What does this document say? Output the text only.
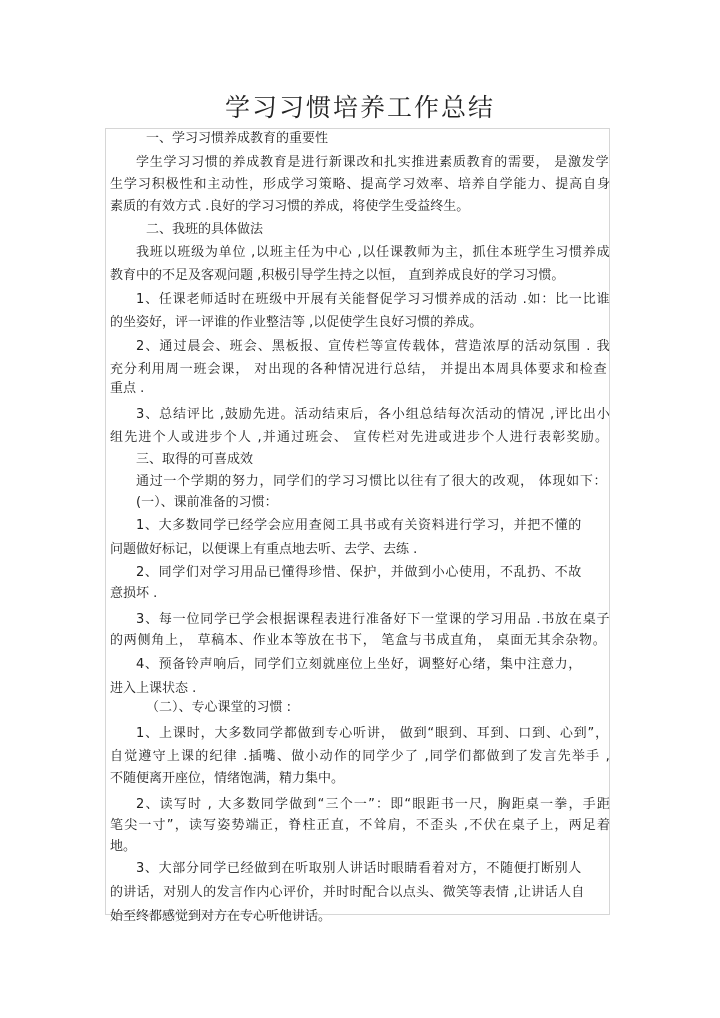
学习习惯培养工作总结
一、学习习惯养成教育的重要性
学生学习习惯的养成教育是进行新课改和扎实推进素质教育的需要， 是激发学
生学习积极性和主动性，形成学习策略、提高学习效率、培养自学能力、提高自身
素质的有效方式 .良好的学习习惯的养成，将使学生受益终生。
二、我班的具体做法
我班以班级为单位 ,以班主任为中心 ,以任课教师为主，抓住本班学生习惯养成
教育中的不足及客观问题 ,积极引导学生持之以恒， 直到养成良好的学习习惯。
1、任课老师适时在班级中开展有关能督促学习习惯养成的活动 .如：比一比谁
的坐姿好，评一评谁的作业整洁等 ,以促使学生良好习惯的养成。
2、通过晨会、班会、黑板报、宣传栏等宣传载体，营造浓厚的活动氛围 . 我
充分利用周一班会课， 对出现的各种情况进行总结， 并提出本周具体要求和检查
重点 .
3、总结评比 ,鼓励先进。活动结束后，各小组总结每次活动的情况 ,评比出小
组先进个人或进步个人 ,并通过班会、 宣传栏对先进或进步个人进行表彰奖励。
三、取得的可喜成效
通过一个学期的努力，同学们的学习习惯比以往有了很大的改观， 体现如下：
(一）、课前准备的习惯：
1、大多数同学已经学会应用查阅工具书或有关资料进行学习，并把不懂的
问题做好标记，以便课上有重点地去听、去学、去练 .
2、同学们对学习用品已懂得珍惜、保护，并做到小心使用，不乱扔、不故
意损坏 .
3、每一位同学已学会根据课程表进行准备好下一堂课的学习用品 .书放在桌子
的两侧角上， 草稿本、作业本等放在书下， 笔盒与书成直角， 桌面无其余杂物。
4、预备铃声响后，同学们立刻就座位上坐好，调整好心绪，集中注意力，
进入上课状态 .
（二）、专心课堂的习惯 :
1、上课时，大多数同学都做到专心听讲， 做到“眼到、耳到、口到、心到”，
自觉遵守上课的纪律 .插嘴、做小动作的同学少了 ,同学们都做到了发言先举手 ,
不随便离开座位，情绪饱满，精力集中。
2、读写时 , 大多数同学做到“三个一”：即“眼距书一尺，胸距桌一拳，手距
笔尖一寸”，读写姿势端正，脊柱正直，不耸肩，不歪头 ,不伏在桌子上，两足着
地。
3、大部分同学已经做到在听取别人讲话时眼睛看着对方，不随便打断别人
的讲话，对别人的发言作内心评价，并时时配合以点头、微笑等表情 ,让讲话人自
始至终都感觉到对方在专心听他讲话。
